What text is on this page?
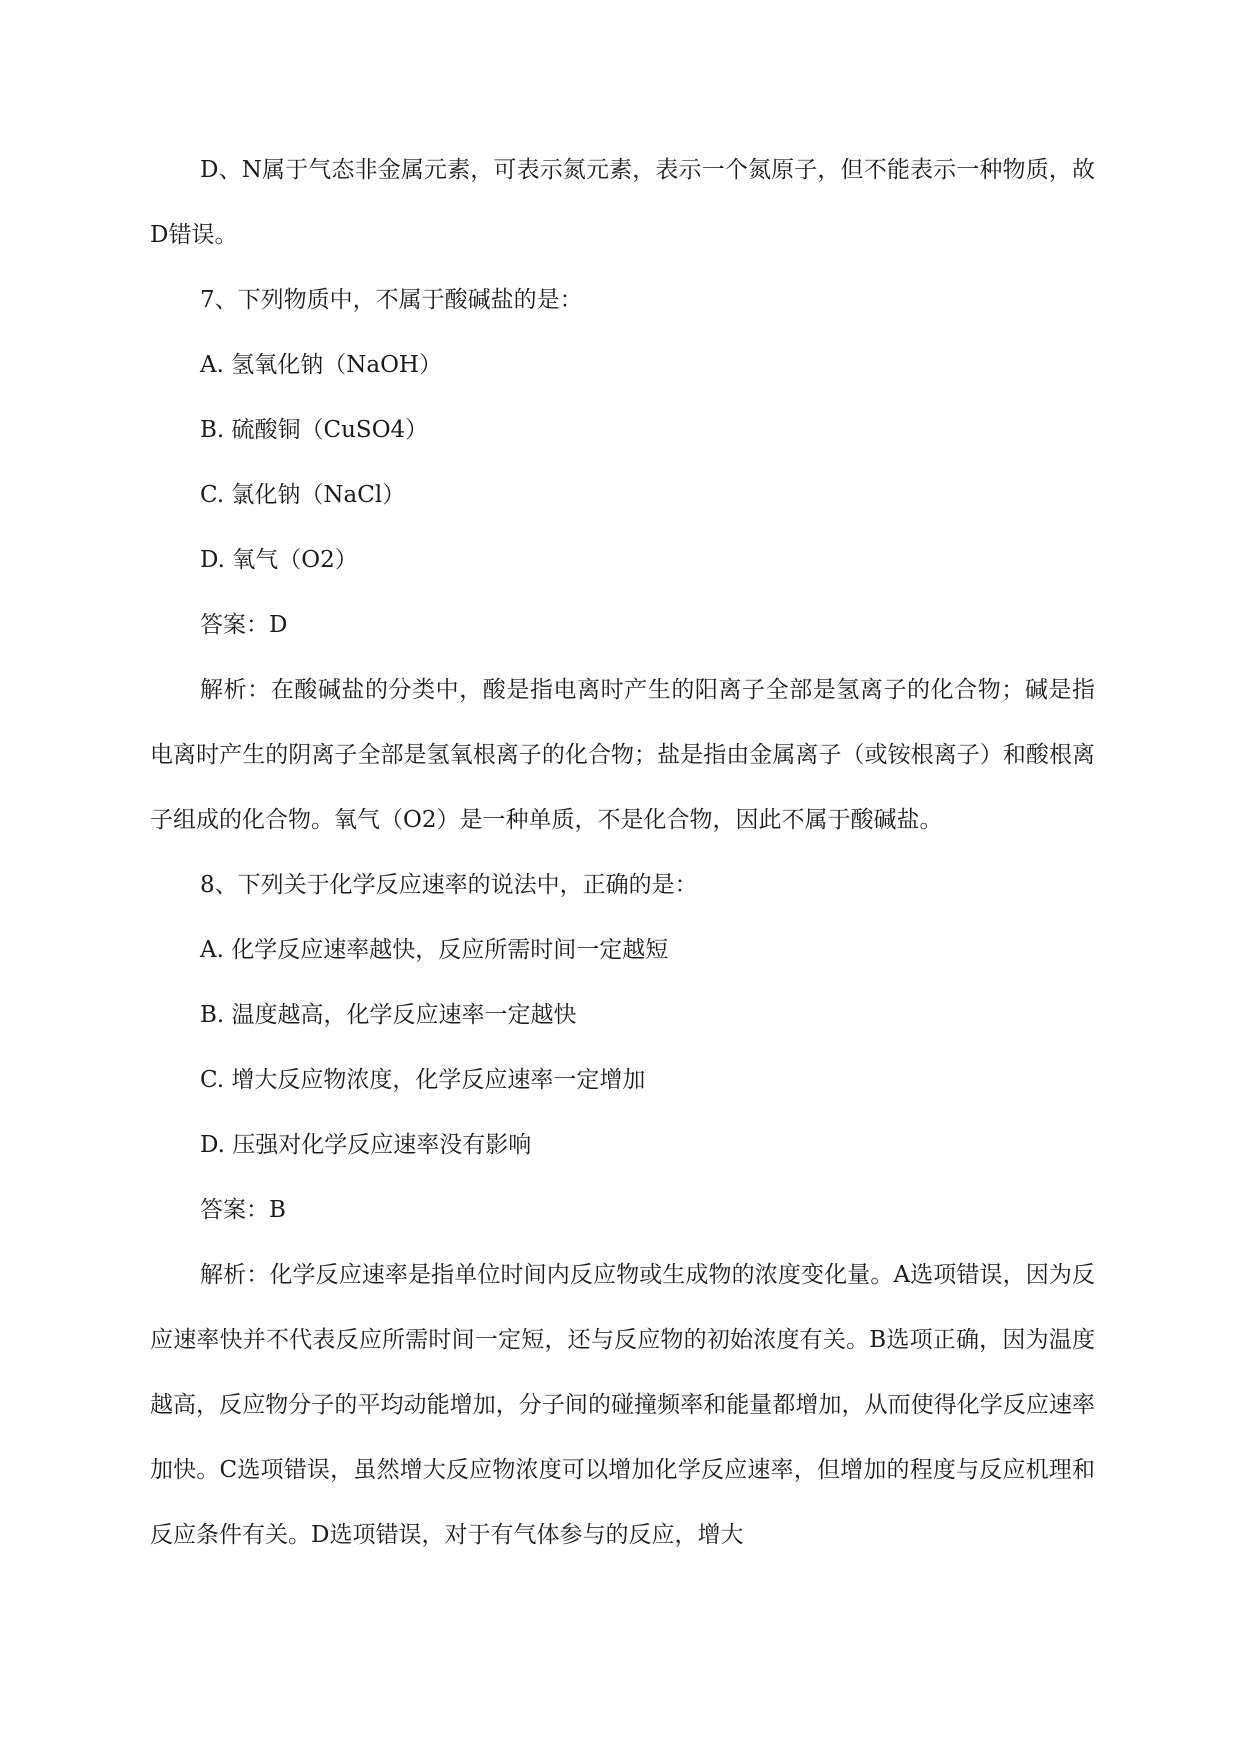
D、N属于气态非金属元素，可表示氮元素，表示一个氮原子，但不能表示一种物质，故D错误。

7、下列物质中，不属于酸碱盐的是：

A. 氢氧化钠（NaOH）

B. 硫酸铜（CuSO4）

C. 氯化钠（NaCl）

D. 氧气（O2）

答案：D

解析：在酸碱盐的分类中，酸是指电离时产生的阳离子全部是氢离子的化合物；碱是指电离时产生的阴离子全部是氢氧根离子的化合物；盐是指由金属离子（或铵根离子）和酸根离子组成的化合物。氧气（O2）是一种单质，不是化合物，因此不属于酸碱盐。

8、下列关于化学反应速率的说法中，正确的是：

A. 化学反应速率越快，反应所需时间一定越短

B. 温度越高，化学反应速率一定越快

C. 增大反应物浓度，化学反应速率一定增加

D. 压强对化学反应速率没有影响

答案：B

解析：化学反应速率是指单位时间内反应物或生成物的浓度变化量。A选项错误，因为反应速率快并不代表反应所需时间一定短，还与反应物的初始浓度有关。B选项正确，因为温度越高，反应物分子的平均动能增加，分子间的碰撞频率和能量都增加，从而使得化学反应速率加快。C选项错误，虽然增大反应物浓度可以增加化学反应速率，但增加的程度与反应机理和反应条件有关。D选项错误，对于有气体参与的反应，增大
